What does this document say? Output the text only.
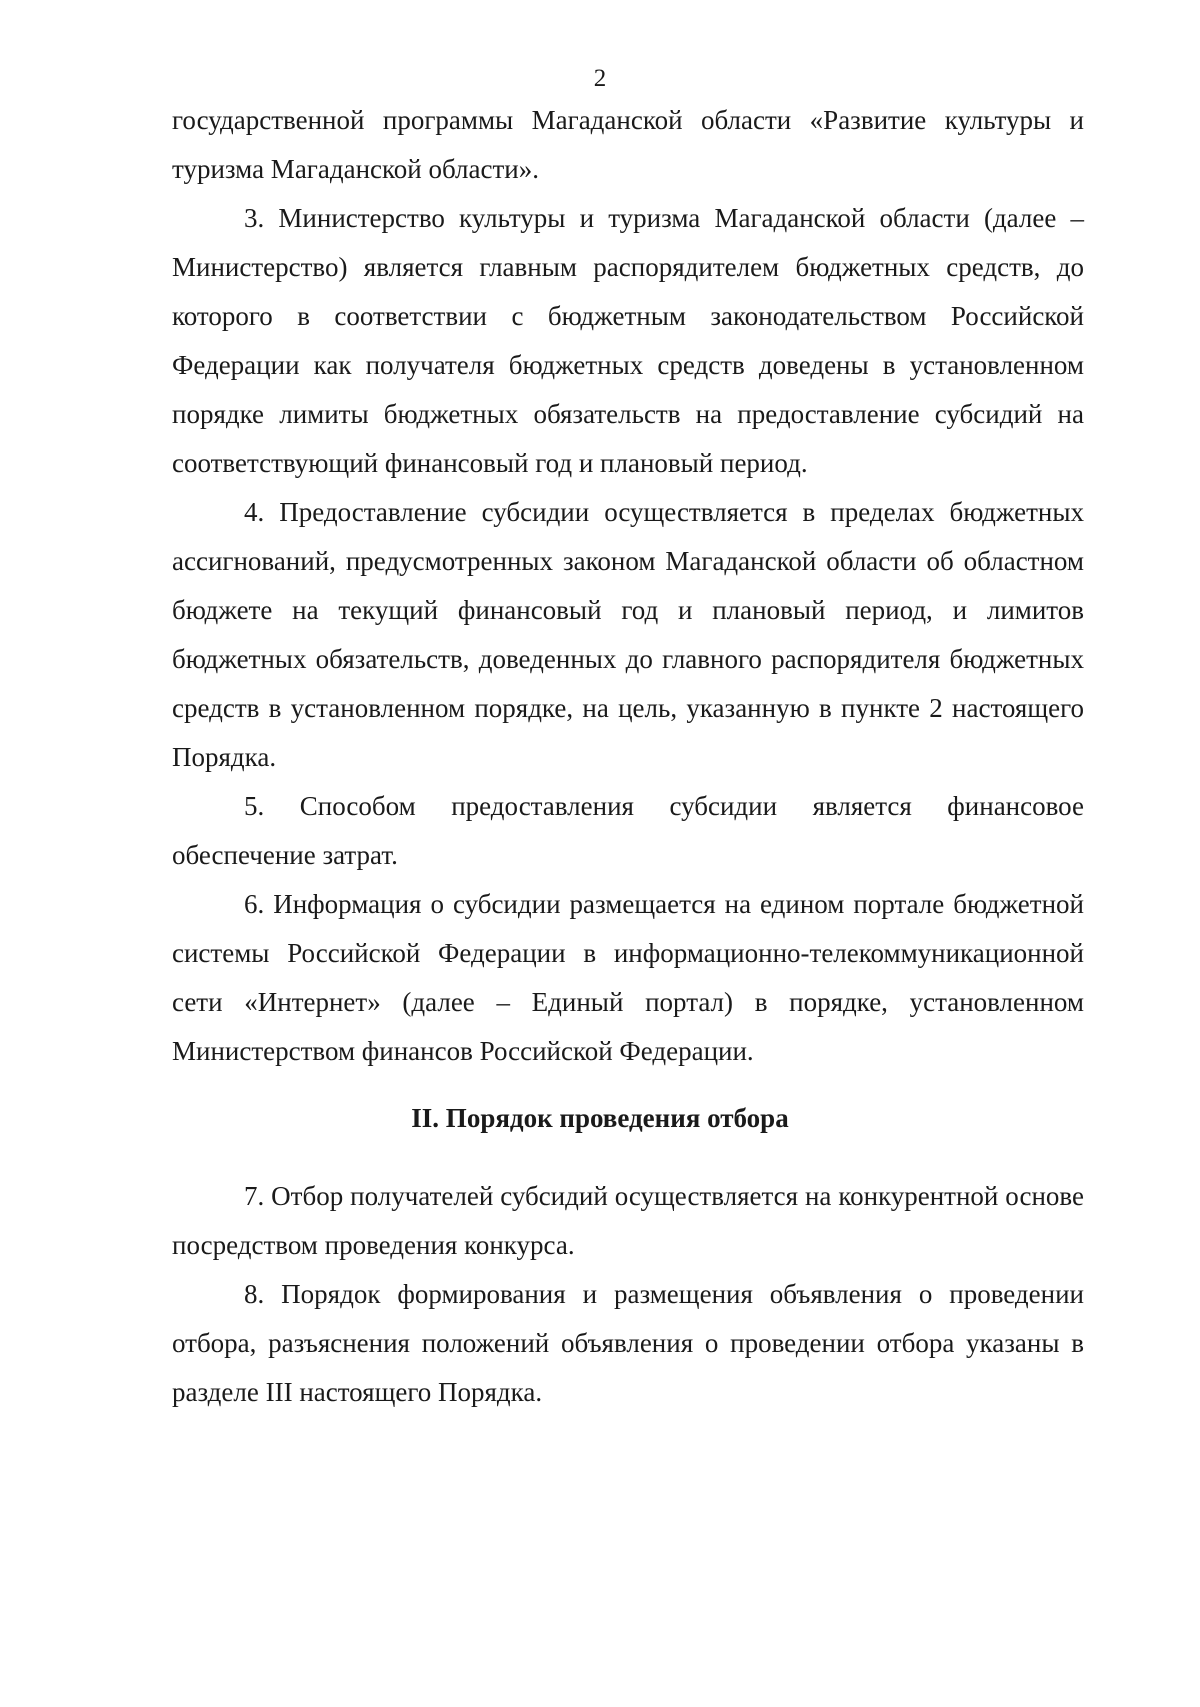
2

государственной программы Магаданской области «Развитие культуры и туризма Магаданской области».

3. Министерство культуры и туризма Магаданской области (далее – Министерство) является главным распорядителем бюджетных средств, до которого в соответствии с бюджетным законодательством Российской Федерации как получателя бюджетных средств доведены в установленном порядке лимиты бюджетных обязательств на предоставление субсидий на соответствующий финансовый год и плановый период.

4. Предоставление субсидии осуществляется в пределах бюджетных ассигнований, предусмотренных законом Магаданской области об областном бюджете на текущий финансовый год и плановый период, и лимитов бюджетных обязательств, доведенных до главного распорядителя бюджетных средств в установленном порядке, на цель, указанную в пункте 2 настоящего Порядка.

5. Способом предоставления субсидии является финансовое обеспечение затрат.

6. Информация о субсидии размещается на едином портале бюджетной системы Российской Федерации в информационно-телекоммуникационной сети «Интернет» (далее – Единый портал) в порядке, установленном Министерством финансов Российской Федерации.

II. Порядок проведения отбора

7. Отбор получателей субсидий осуществляется на конкурентной основе посредством проведения конкурса.

8. Порядок формирования и размещения объявления о проведении отбора, разъяснения положений объявления о проведении отбора указаны в разделе III настоящего Порядка.
